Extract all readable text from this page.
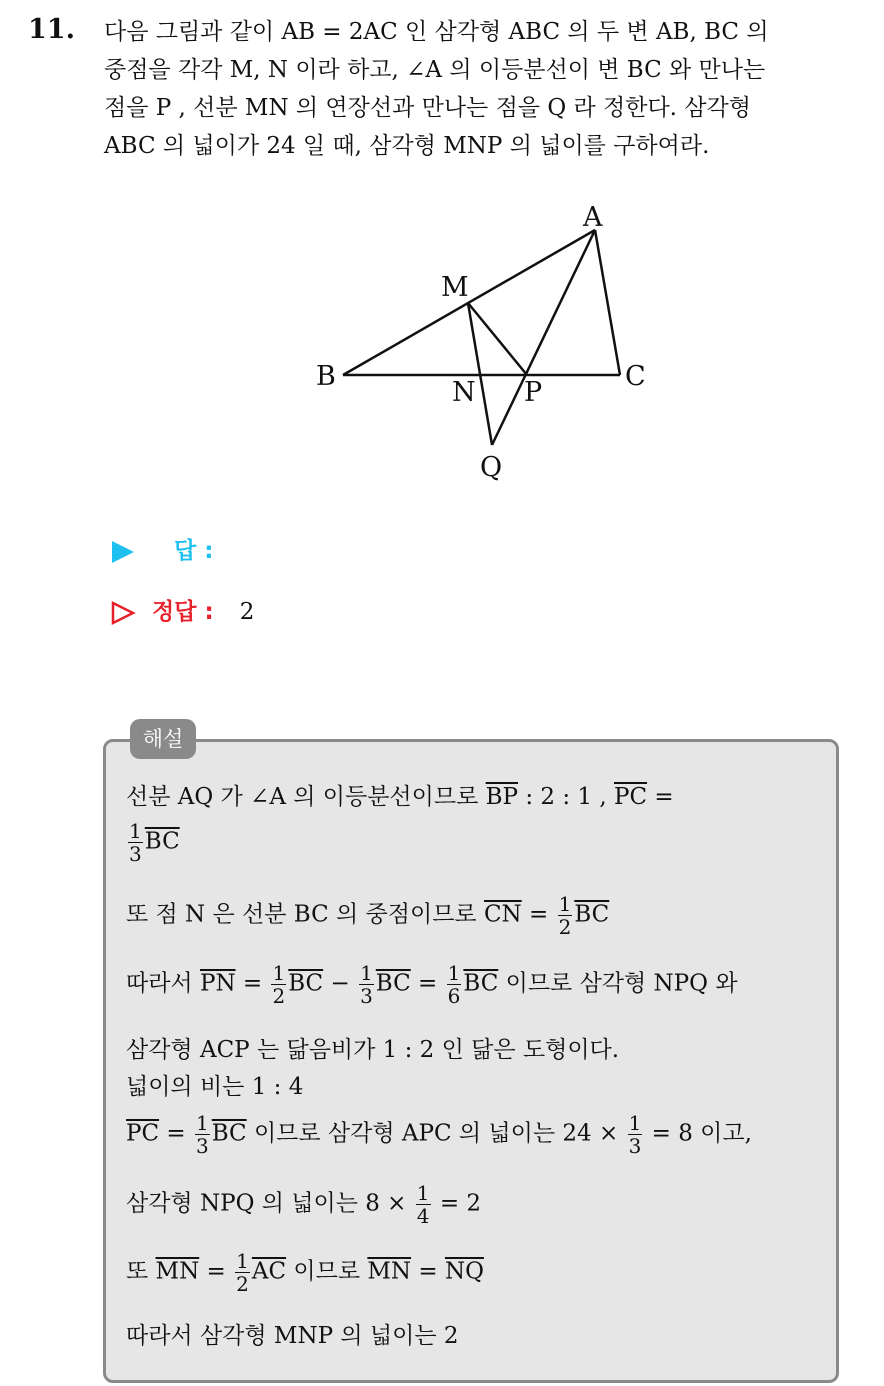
11. 다음 그림과 같이 AB = 2AC 인 삼각형 ABC 의 두 변 AB, BC 의
중점을 각각 M, N 이라 하고, ∠A 의 이등분선이 변 BC 와 만나는
점을 P , 선분 MN 의 연장선과 만나는 점을 Q 라 정한다. 삼각형
ABC 의 넓이가 24 일 때, 삼각형 MNP 의 넓이를 구하여라.
A
B	C
M
N P
Q
답 :
정답 : 2
해설
선분 AQ 가 ∠A 의 이등분선이므로 $\overline{BP}$ : 2 : 1 , $\overline{PC}$ =
$\frac{1}{3} \overline{BC}$
또 점 N 은 선분 BC 의 중점이므로 $\overline{CN} = \frac{1}{2} \overline{BC}$
따라서 $\overline{PN} = \frac{1}{2} \overline{BC} - \frac{1}{3} \overline{BC} = \frac{1}{6} \overline{BC}$ 이므로 삼각형 NPQ 와
삼각형 ACP 는 닮음비가 1 : 2 인 닮은 도형이다.
넓이의 비는 1 : 4
$\overline{PC} = \frac{1}{3} \overline{BC}$ 이므로 삼각형 APC 의 넓이는 $24 \times \frac{1}{3} = 8$ 이고,
삼각형 NPQ 의 넓이는 $8 \times \frac{1}{4} = 2$
또 $\overline{MN} = \frac{1}{2} \overline{AC}$ 이므로 $\overline{MN} = \overline{NQ}$
따라서 삼각형 MNP 의 넓이는 2
